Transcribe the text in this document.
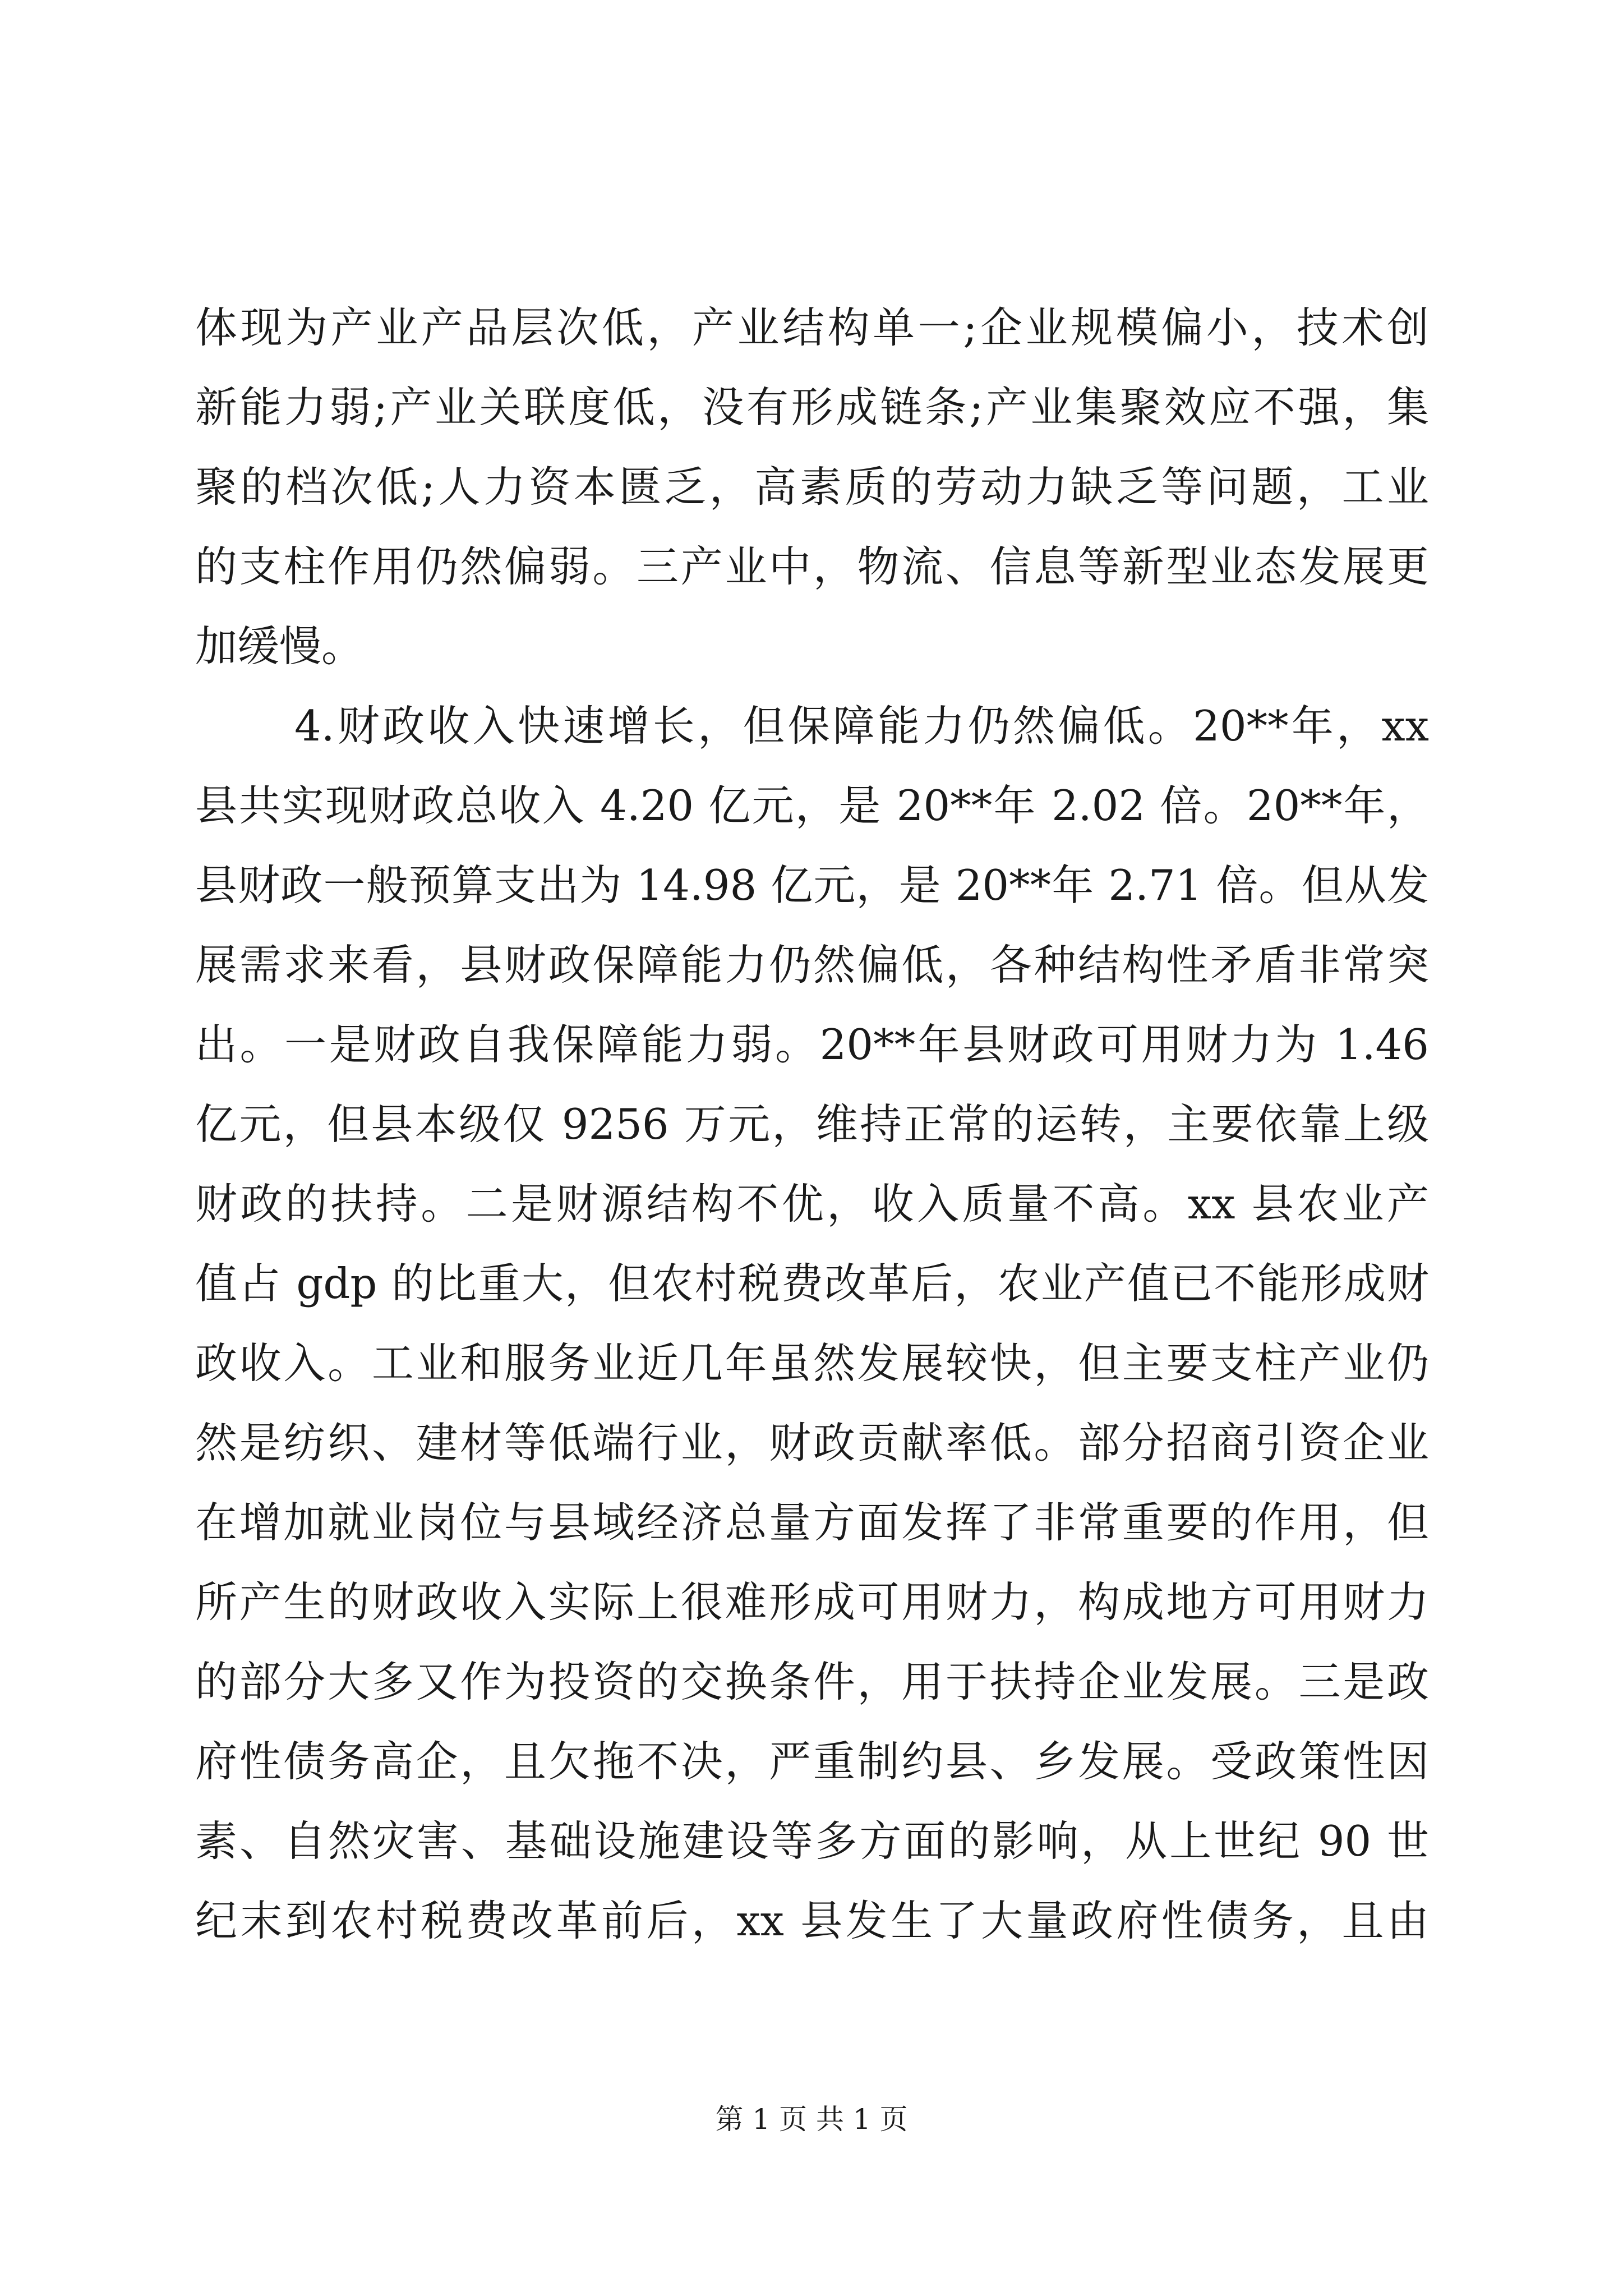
体现为产业产品层次低，产业结构单一;企业规模偏小，技术创

新能力弱;产业关联度低，没有形成链条;产业集聚效应不强，集

聚的档次低;人力资本匮乏，高素质的劳动力缺乏等问题，工业

的支柱作用仍然偏弱。三产业中，物流、信息等新型业态发展更

加缓慢。

4.财政收入快速增长，但保障能力仍然偏低。20**年，xx

县共实现财政总收入 4.20 亿元，是 20**年 2.02 倍。20**年，

县财政一般预算支出为 14.98 亿元，是 20**年 2.71 倍。但从发

展需求来看，县财政保障能力仍然偏低，各种结构性矛盾非常突

出。一是财政自我保障能力弱。20**年县财政可用财力为 1.46

亿元，但县本级仅 9256 万元，维持正常的运转，主要依靠上级

财政的扶持。二是财源结构不优，收入质量不高。xx 县农业产

值占 gdp 的比重大，但农村税费改革后，农业产值已不能形成财

政收入。工业和服务业近几年虽然发展较快，但主要支柱产业仍

然是纺织、建材等低端行业，财政贡献率低。部分招商引资企业

在增加就业岗位与县域经济总量方面发挥了非常重要的作用，但

所产生的财政收入实际上很难形成可用财力，构成地方可用财力

的部分大多又作为投资的交换条件，用于扶持企业发展。三是政

府性债务高企，且欠拖不决，严重制约县、乡发展。受政策性因

素、自然灾害、基础设施建设等多方面的影响，从上世纪 90 世

纪末到农村税费改革前后，xx 县发生了大量政府性债务，且由

第 1 页 共 1 页
